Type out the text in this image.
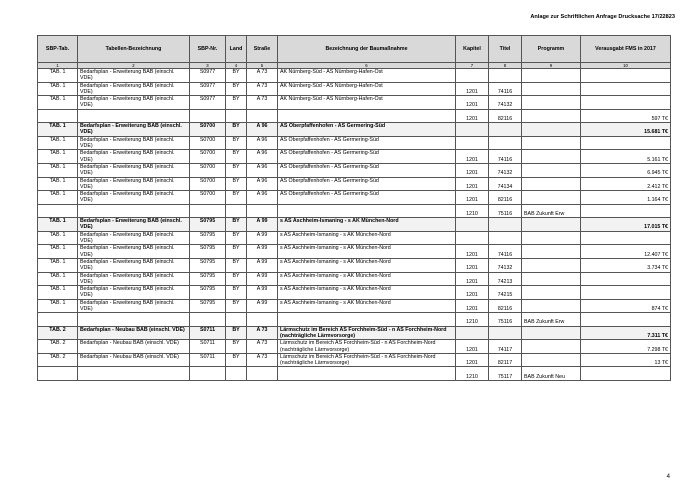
Anlage zur Schriftlichen Anfrage Drucksache 17/22823
SBP-Tab.	Tabellen-Bezeichnung	SBP-Nr.	Land	Straße	Bezeichnung der Baumaßnahme	Kapitel	Titel	Programm	Verausgabt FMS in 2017
1	2	3	4	5	6	7	8	9	10
TAB. 1	Bedarfsplan - Erweiterung BAB (einschl. VDE)	S0977	BY	A 73	AK Nürnberg-Süd - AS Nürnberg-Hafen-Ost				
TAB. 1	Bedarfsplan - Erweiterung BAB (einschl. VDE)	S0977	BY	A 73	AK Nürnberg-Süd - AS Nürnberg-Hafen-Ost	1201	74116		
TAB. 1	Bedarfsplan - Erweiterung BAB (einschl. VDE)	S0977	BY	A 73	AK Nürnberg-Süd - AS Nürnberg-Hafen-Ost	1201	74132		
						1201	82116		597 T€
TAB. 1	Bedarfsplan - Erweiterung BAB (einschl. VDE)	S0700	BY	A 96	AS Oberpfaffenhofen - AS Germering-Süd				15.681 T€
TAB. 1	Bedarfsplan - Erweiterung BAB (einschl. VDE)	S0700	BY	A 96	AS Oberpfaffenhofen - AS Germering-Süd				
TAB. 1	Bedarfsplan - Erweiterung BAB (einschl. VDE)	S0700	BY	A 96	AS Oberpfaffenhofen - AS Germering-Süd	1201	74116		5.161 T€
TAB. 1	Bedarfsplan - Erweiterung BAB (einschl. VDE)	S0700	BY	A 96	AS Oberpfaffenhofen - AS Germering-Süd	1201	74132		6.945 T€
TAB. 1	Bedarfsplan - Erweiterung BAB (einschl. VDE)	S0700	BY	A 96	AS Oberpfaffenhofen - AS Germering-Süd	1201	74134		2.412 T€
TAB. 1	Bedarfsplan - Erweiterung BAB (einschl. VDE)	S0700	BY	A 96	AS Oberpfaffenhofen - AS Germering-Süd	1201	82116		1.164 T€
						1210	75116	BAB Zukunft Erw	
TAB. 1	Bedarfsplan - Erweiterung BAB (einschl. VDE)	S0795	BY	A 99	s AS Aschheim-Ismaning - s AK München-Nord				17.015 T€
TAB. 1	Bedarfsplan - Erweiterung BAB (einschl. VDE)	S0795	BY	A 99	s AS Aschheim-Ismaning - s AK München-Nord				
TAB. 1	Bedarfsplan - Erweiterung BAB (einschl. VDE)	S0795	BY	A 99	s AS Aschheim-Ismaning - s AK München-Nord	1201	74116		12.407 T€
TAB. 1	Bedarfsplan - Erweiterung BAB (einschl. VDE)	S0795	BY	A 99	s AS Aschheim-Ismaning - s AK München-Nord	1201	74132		3.734 T€
TAB. 1	Bedarfsplan - Erweiterung BAB (einschl. VDE)	S0795	BY	A 99	s AS Aschheim-Ismaning - s AK München-Nord	1201	74213		
TAB. 1	Bedarfsplan - Erweiterung BAB (einschl. VDE)	S0795	BY	A 99	s AS Aschheim-Ismaning - s AK München-Nord	1201	74215		
TAB. 1	Bedarfsplan - Erweiterung BAB (einschl. VDE)	S0795	BY	A 99	s AS Aschheim-Ismaning - s AK München-Nord	1201	82116		874 T€
						1210	75116	BAB Zukunft Erw	
TAB. 2	Bedarfsplan - Neubau BAB (einschl. VDE)	S0711	BY	A 73	Lärmschutz im Bereich AS Forchheim-Süd - n AS Forchheim-Nord (nachträgliche Lärmvorsorge)				7.311 T€
TAB. 2	Bedarfsplan - Neubau BAB (einschl. VDE)	S0711	BY	A 73	Lärmschutz im Bereich AS Forchheim-Süd - n AS Forchheim-Nord (nachträgliche Lärmvorsorge)	1201	74117		7.298 T€
TAB. 2	Bedarfsplan - Neubau BAB (einschl. VDE)	S0711	BY	A 73	Lärmschutz im Bereich AS Forchheim-Süd - n AS Forchheim-Nord (nachträgliche Lärmvorsorge)	1201	82117		13 T€
						1210	75117	BAB Zukunft Neu	
4
